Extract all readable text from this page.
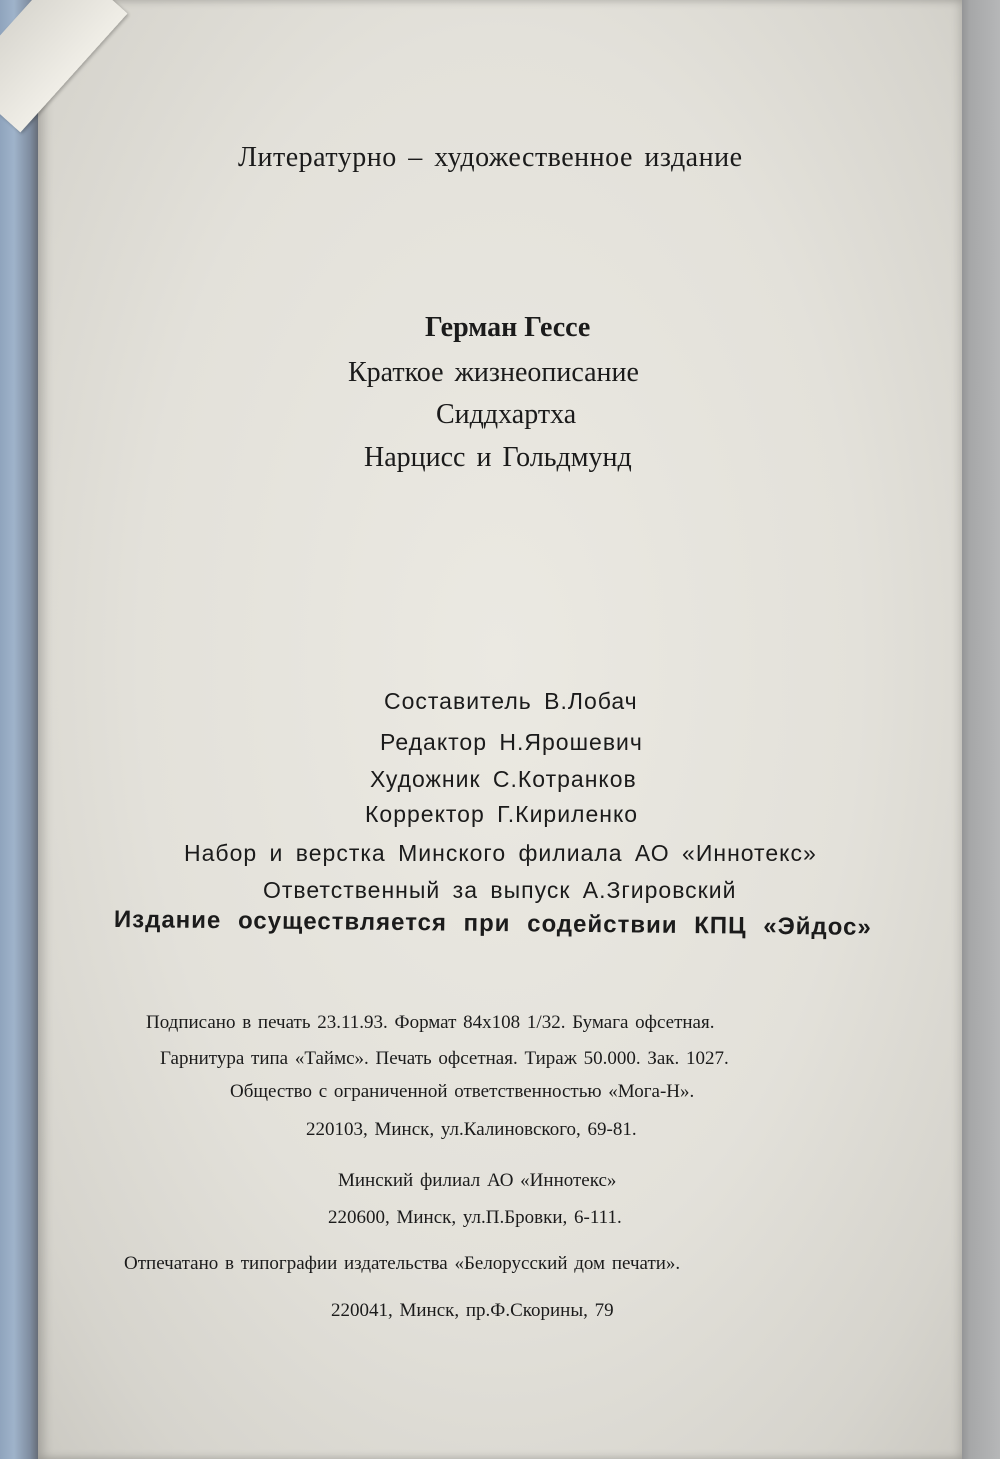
Литературно – художественное издание
Герман Гессе
Краткое жизнеописание
Сиддхартха
Нарцисс и Гольдмунд
Составитель В.Лобач
Редактор Н.Ярошевич
Художник С.Котранков
Корректор Г.Кириленко
Набор и верстка Минского филиала АО «Иннотекс»
Ответственный за выпуск А.Згировский
Издание осуществляется при содействии КПЦ «Эйдос»
Подписано в печать 23.11.93. Формат 84х108 1/32. Бумага офсетная.
Гарнитура типа «Таймс». Печать офсетная. Тираж 50.000. Зак. 1027.
Общество с ограниченной ответственностью «Мога-Н».
220103, Минск, ул.Калиновского, 69-81.
Минский филиал АО «Иннотекс»
220600, Минск, ул.П.Бровки, 6-111.
Отпечатано в типографии издательства «Белорусский дом печати».
220041, Минск, пр.Ф.Скорины, 79
